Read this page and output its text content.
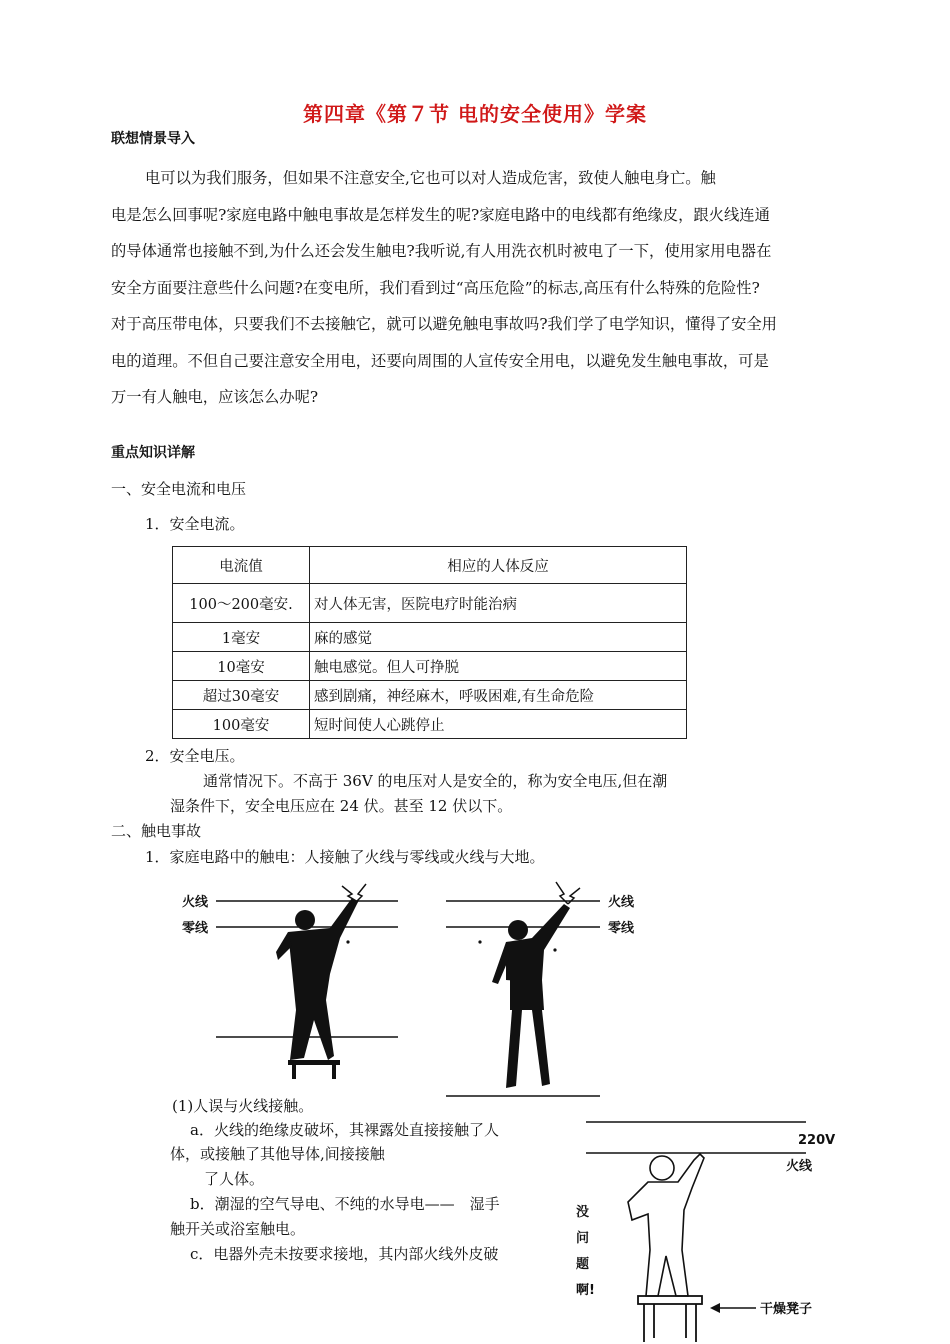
第四章《第７节 电的安全使用》学案
联想情景导入
电可以为我们服务，但如果不注意安全,它也可以对人造成危害，致使人触电身亡。触
电是怎么回事呢?家庭电路中触电事故是怎样发生的呢?家庭电路中的电线都有绝缘皮，跟火线连通
的导体通常也接触不到,为什么还会发生触电?我听说,有人用洗衣机时被电了一下，使用家用电器在
安全方面要注意些什么问题?在变电所，我们看到过“高压危险”的标志,高压有什么特殊的危险性?
对于高压带电体，只要我们不去接触它，就可以避免触电事故吗?我们学了电学知识，懂得了安全用
电的道理。不但自己要注意安全用电，还要向周围的人宣传安全用电，以避免发生触电事故，可是
万一有人触电，应该怎么办呢?
重点知识详解
一、安全电流和电压
1．安全电流。
电流值	相应的人体反应
100～200毫安.	对人体无害，医院电疗时能治病
1毫安	麻的感觉
10毫安	触电感觉。但人可挣脱
超过30毫安	感到剧痛，神经麻木，呼吸困难,有生命危险
100毫安	短时间使人心跳停止
2．安全电压。
通常情况下。不高于 36V 的电压对人是安全的，称为安全电压,但在潮
湿条件下，安全电压应在 24 伏。甚至 12 伏以下。
二、触电事故
1．家庭电路中的触电：人接触了火线与零线或火线与大地。
火线
零线
火线
零线
(1)人误与火线接触。
a．火线的绝缘皮破坏，其裸露处直接接触了人
体，或接触了其他导体,间接接触
了人体。
b．潮湿的空气导电、不纯的水导电——　湿手
触开关或浴室触电。
c．电器外壳未按要求接地，其内部火线外皮破
220V
火线
没
问
题
啊!
干燥凳子
